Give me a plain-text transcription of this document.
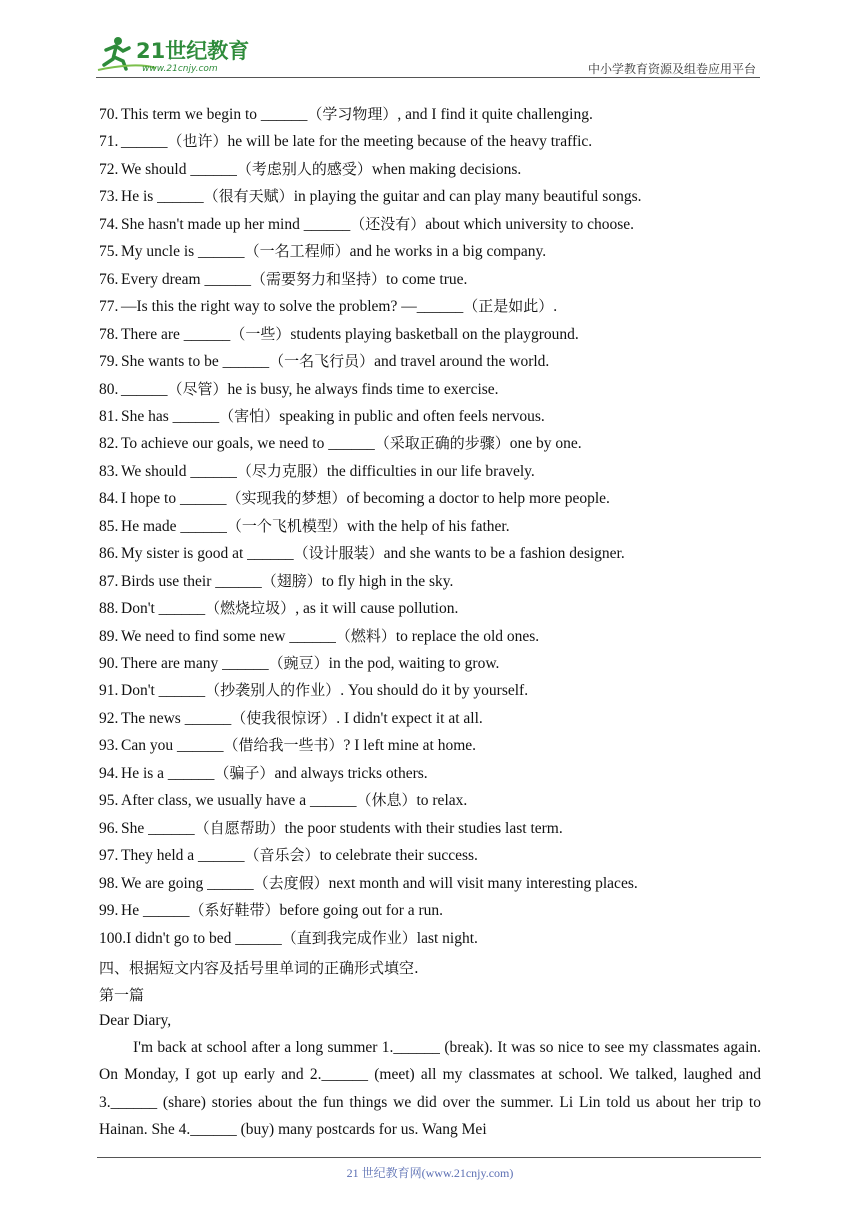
21世纪教育
www.21cnjy.com	中小学教育资源及组卷应用平台
70. This term we begin to ______（学习物理）, and I find it quite challenging.
71. ______（也许）he will be late for the meeting because of the heavy traffic.
72. We should ______（考虑别人的感受）when making decisions.
73. He is ______（很有天赋）in playing the guitar and can play many beautiful songs.
74. She hasn't made up her mind ______（还没有）about which university to choose.
75. My uncle is ______（一名工程师）and he works in a big company.
76. Every dream ______（需要努力和坚持）to come true.
77. —Is this the right way to solve the problem? —______（正是如此）.
78. There are ______（一些）students playing basketball on the playground.
79. She wants to be ______（一名飞行员）and travel around the world.
80. ______（尽管）he is busy, he always finds time to exercise.
81. She has ______（害怕）speaking in public and often feels nervous.
82. To achieve our goals, we need to ______（采取正确的步骤）one by one.
83. We should ______（尽力克服）the difficulties in our life bravely.
84. I hope to ______（实现我的梦想）of becoming a doctor to help more people.
85. He made ______（一个飞机模型）with the help of his father.
86. My sister is good at ______（设计服装）and she wants to be a fashion designer.
87. Birds use their ______（翅膀）to fly high in the sky.
88. Don't ______（燃烧垃圾）, as it will cause pollution.
89. We need to find some new ______（燃料）to replace the old ones.
90. There are many ______（豌豆）in the pod, waiting to grow.
91. Don't ______（抄袭别人的作业）. You should do it by yourself.
92. The news ______（使我很惊讶）. I didn't expect it at all.
93. Can you ______（借给我一些书）? I left mine at home.
94. He is a ______（骗子）and always tricks others.
95. After class, we usually have a ______（休息）to relax.
96. She ______（自愿帮助）the poor students with their studies last term.
97. They held a ______（音乐会）to celebrate their success.
98. We are going ______（去度假）next month and will visit many interesting places.
99. He ______（系好鞋带）before going out for a run.
100.I didn't go to bed ______（直到我完成作业）last night.
四、根据短文内容及括号里单词的正确形式填空.
第一篇
Dear Diary,
I'm back at school after a long summer 1.______ (break). It was so nice to see my classmates again. On Monday, I got up early and 2.______ (meet) all my classmates at school. We talked, laughed and 3.______ (share) stories about the fun things we did over the summer. Li Lin told us about her trip to Hainan. She 4.______ (buy) many postcards for us. Wang Mei
21 世纪教育网(www.21cnjy.com)
